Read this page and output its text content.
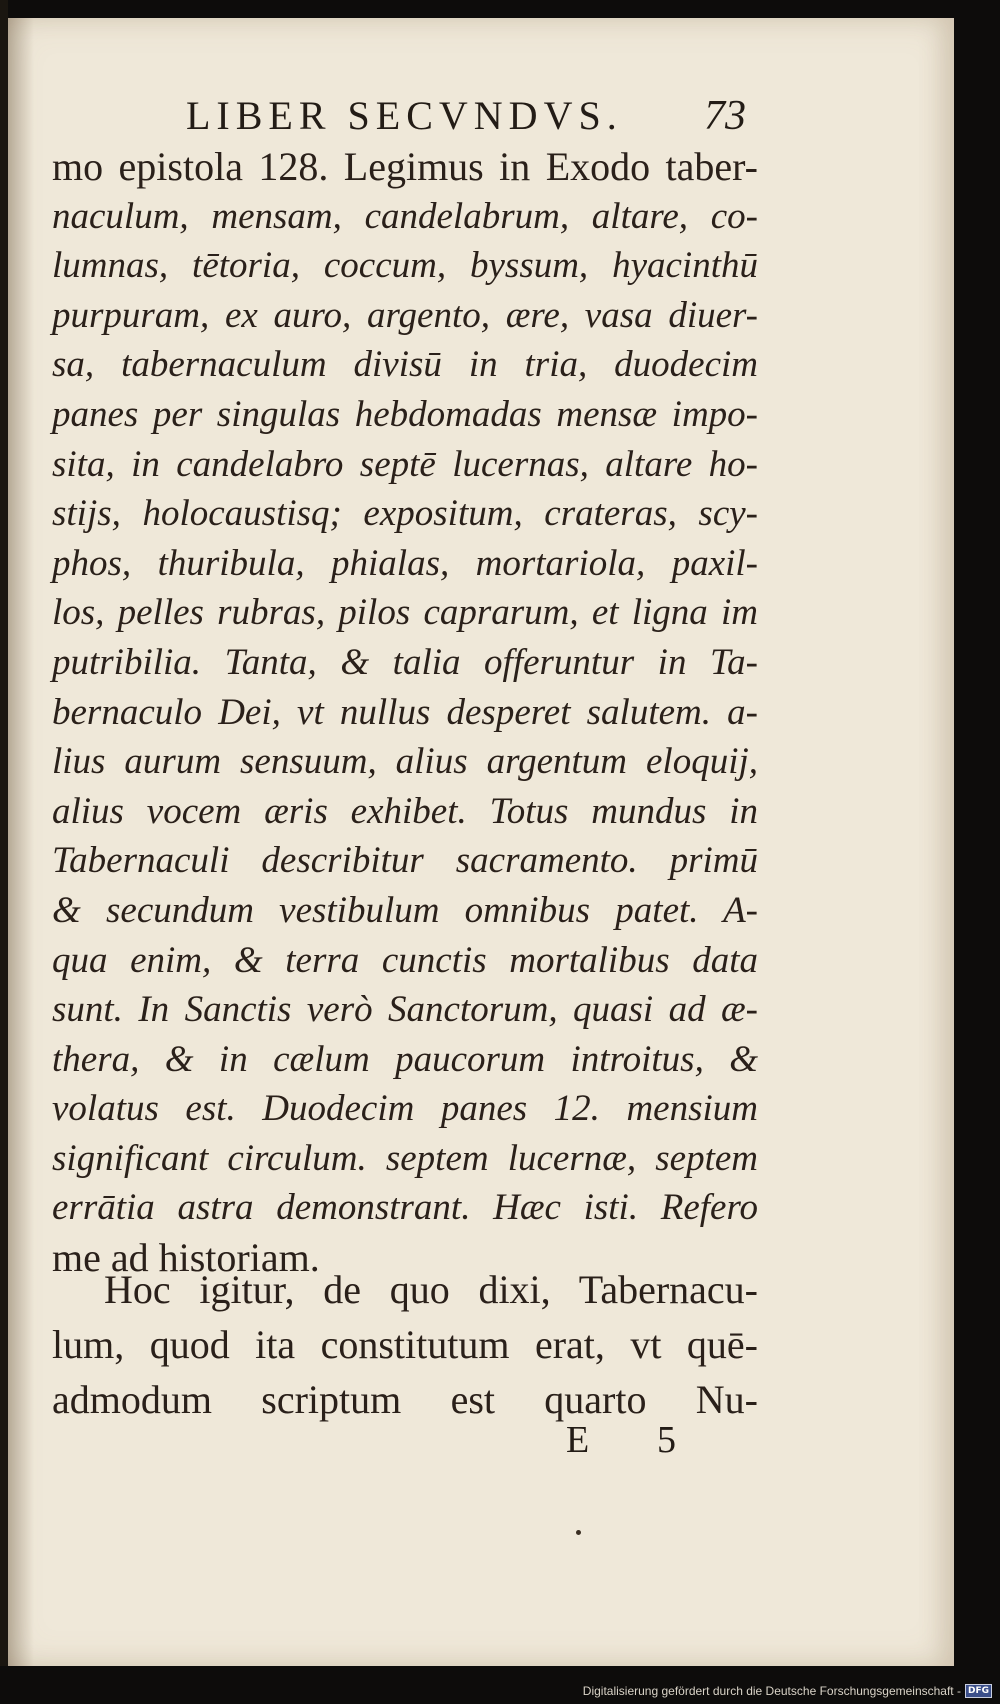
LIBER SECVNDVS. 73
mo epistola 128. Legimus in Exodo taber-
naculum, mensam, candelabrum, altare, co-
lumnas, tētoria, coccum, byssum, hyacinthū
purpuram, ex auro, argento, ære, vasa diuer-
sa, tabernaculum divisū in tria, duodecim
panes per singulas hebdomadas mensæ impo-
sita, in candelabro septē lucernas, altare ho-
stijs, holocaustisq; expositum, crateras, scy-
phos, thuribula, phialas, mortariola, paxil-
los, pelles rubras, pilos caprarum, et ligna im
putribilia. Tanta, & talia offeruntur in Ta-
bernaculo Dei, vt nullus desperet salutem. a-
lius aurum sensuum, alius argentum eloquij,
alius vocem æris exhibet. Totus mundus in
Tabernaculi describitur sacramento. primū
& secundum vestibulum omnibus patet. A-
qua enim, & terra cunctis mortalibus data
sunt. In Sanctis verò Sanctorum, quasi ad æ-
thera, & in cælum paucorum introitus, &
volatus est. Duodecim panes 12. mensium
significant circulum. septem lucernæ, septem
errātia astra demonstrant. Hæc isti. Refero
me ad historiam.
Hoc igitur, de quo dixi, Tabernacu-
lum, quod ita constitutum erat, vt quē-
admodum scriptum est quarto Nu-
E 5
Digitalisierung gefördert durch die Deutsche Forschungsgemeinschaft - DFG
